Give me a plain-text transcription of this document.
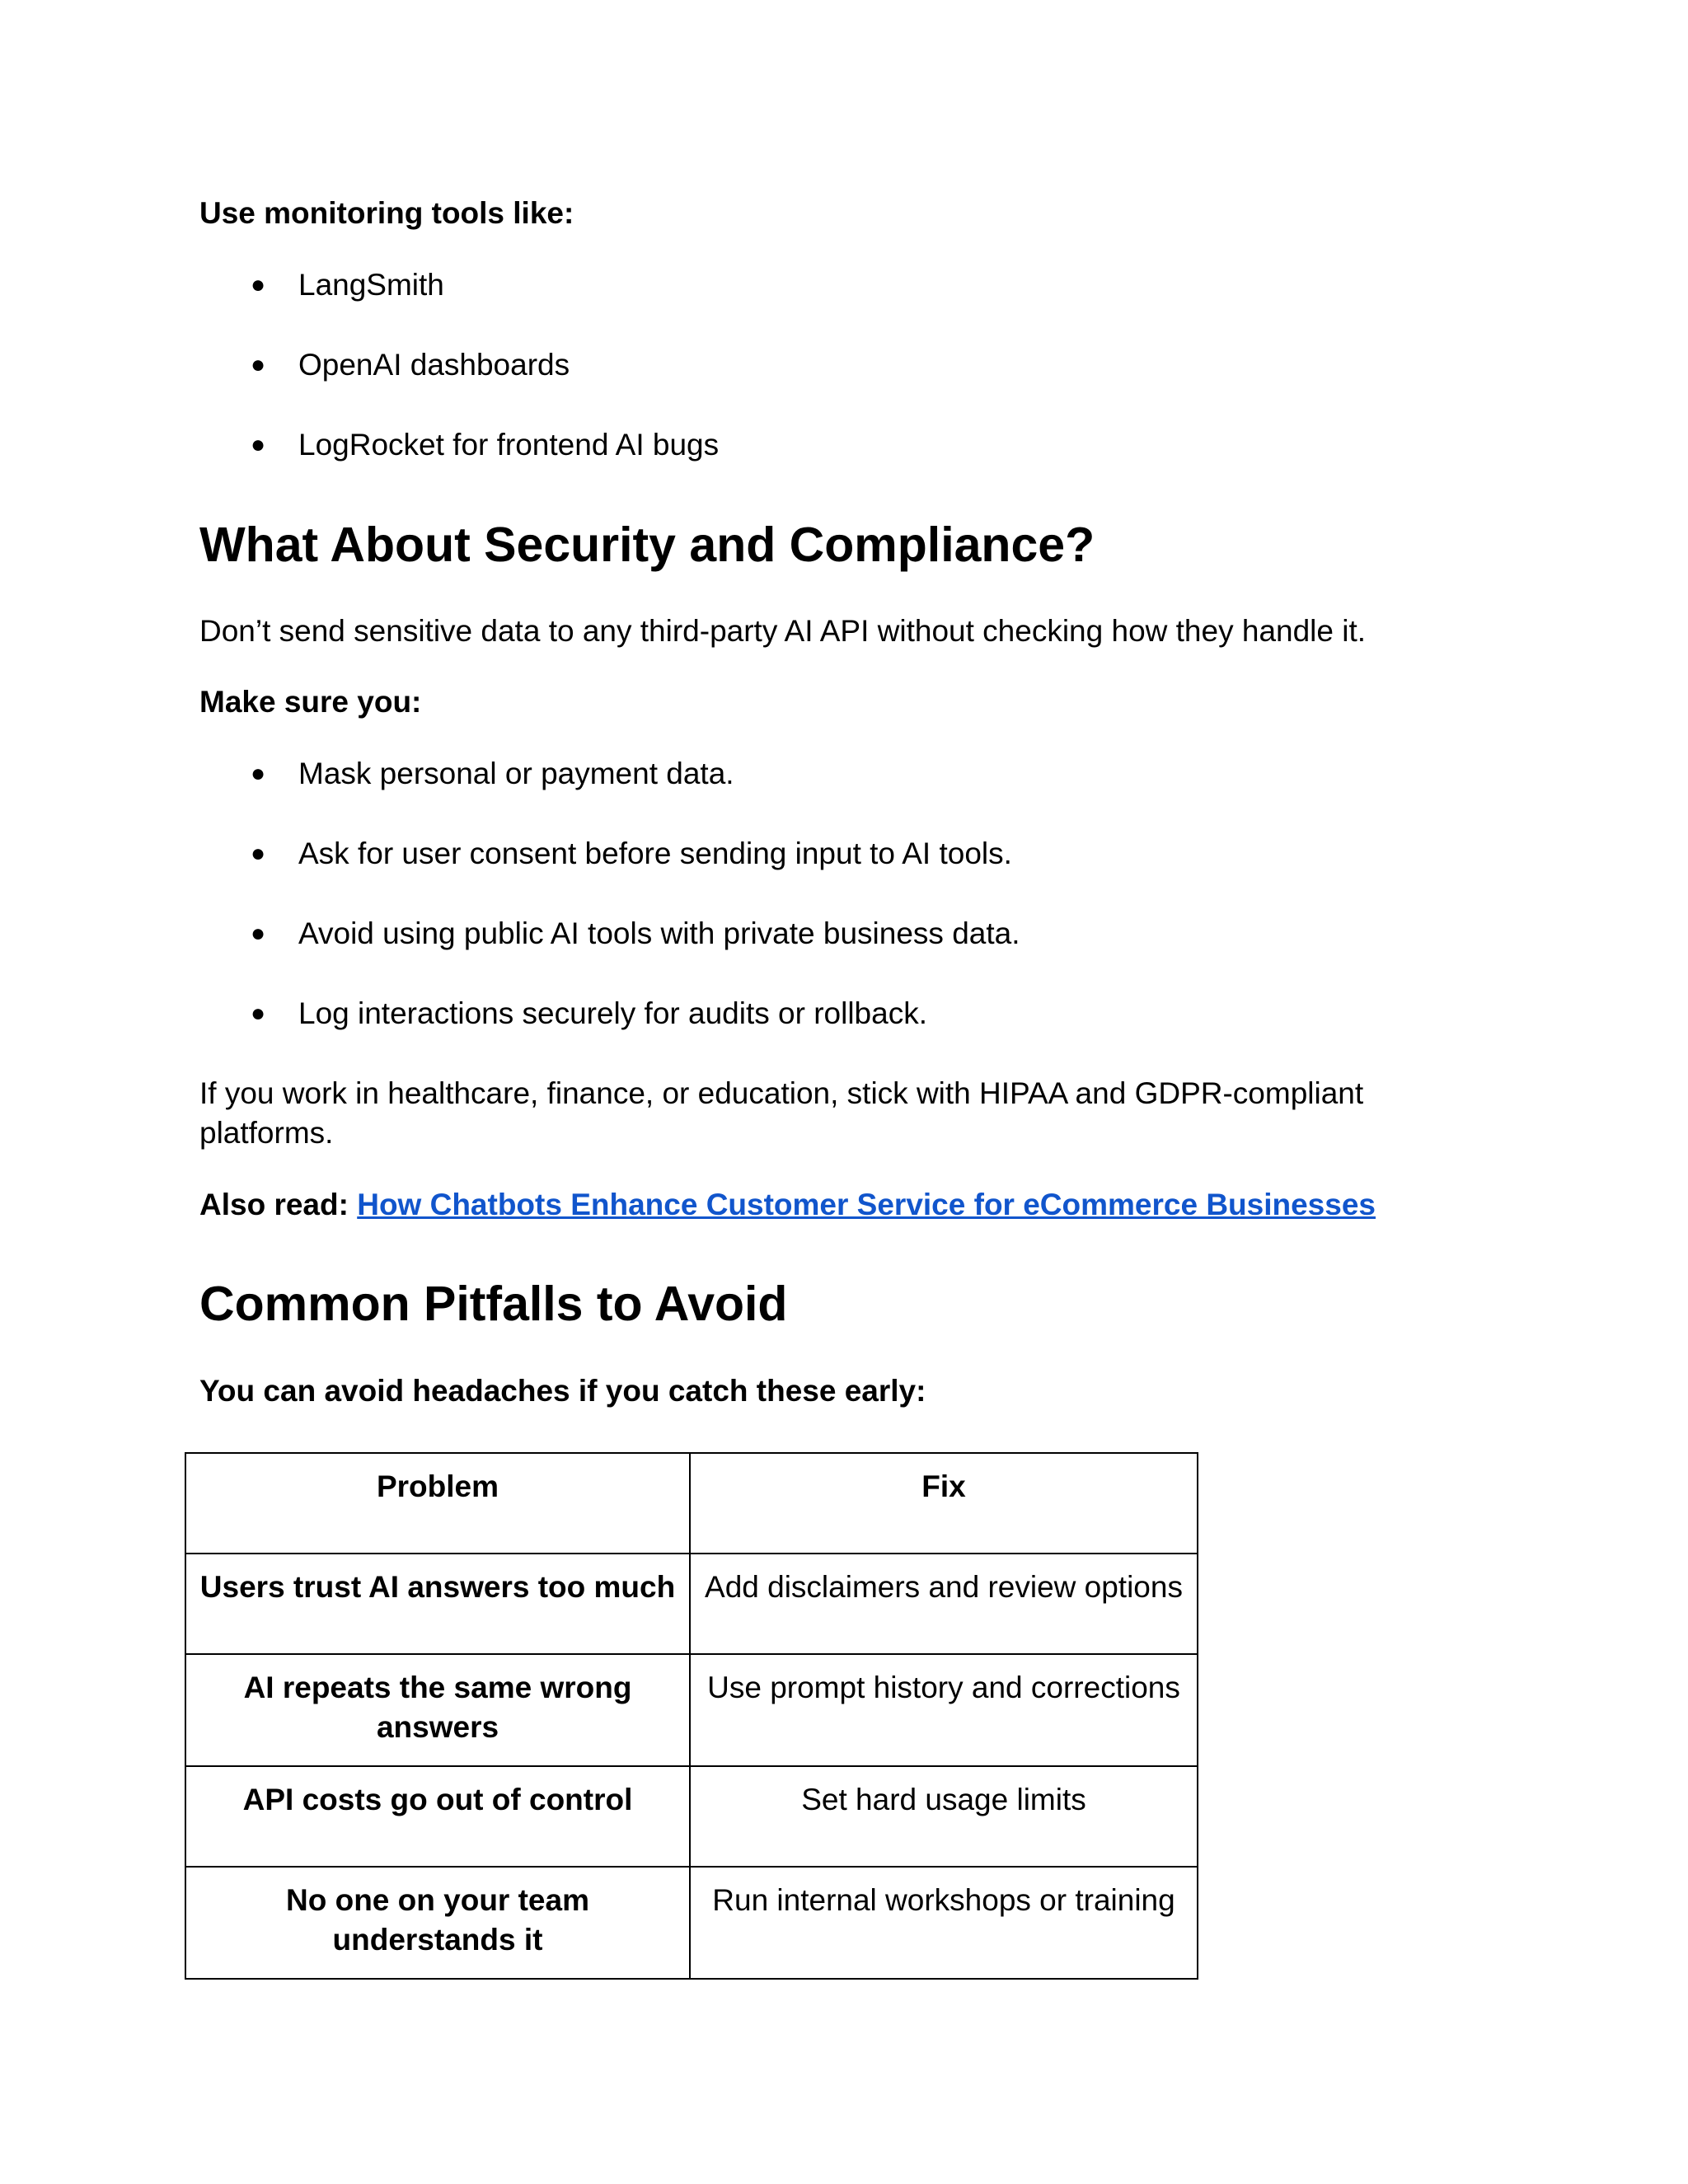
Use monitoring tools like:

● LangSmith
● OpenAI dashboards
● LogRocket for frontend AI bugs
What About Security and Compliance?

Don’t send sensitive data to any third-party AI API without checking how they handle it.

Make sure you:

● Mask personal or payment data.
● Ask for user consent before sending input to AI tools.
● Avoid using public AI tools with private business data.
● Log interactions securely for audits or rollback.

If you work in healthcare, finance, or education, stick with HIPAA and GDPR-compliant

platforms.

Also read: How Chatbots Enhance Customer Service for eCommerce Businesses

Common Pitfalls to Avoid

You can avoid headaches if you catch these early:

Problem	Fix
Users trust AI answers too much	Add disclaimers and review options
AI repeats the same wrong answers	Use prompt history and corrections
API costs go out of control	Set hard usage limits
No one on your team understands it	Run internal workshops or training
